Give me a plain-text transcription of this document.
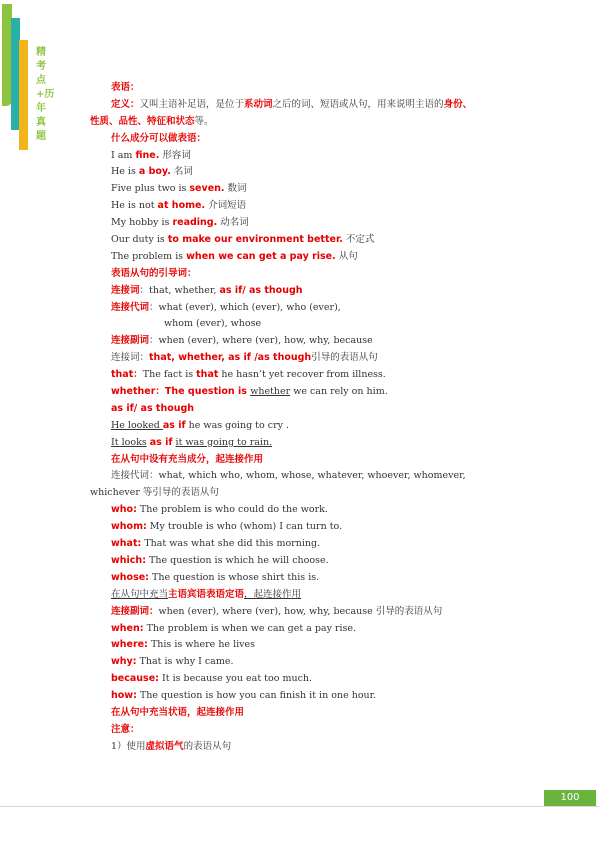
精考点+历年真题
表语：
定义：又叫主语补足语，是位于系动词之后的词、短语或从句，用来说明主语的身份、
性质、品性、特征和状态等。
什么成分可以做表语：
I am fine. 形容词
He is a boy. 名词
Five plus two is seven. 数词
He is not at home. 介词短语
My hobby is reading. 动名词
Our duty is to make our environment better. 不定式
The problem is when we can get a pay rise. 从句
表语从句的引导词：
连接词：that, whether, as if/ as though
连接代词：what (ever), which (ever), who (ever),
whom (ever), whose
连接副词：when (ever), where (ver), how, why, because
连接词：that, whether, as if /as though引导的表语从句
that：The fact is that he hasn’t yet recover from illness.
whether：The question is whether we can rely on him.
as if/ as though
He looked as if he was going to cry .
It looks as if it was going to rain.
在从句中设有充当成分，起连接作用
连接代词：what, which who, whom, whose, whatever, whoever, whomever,
whichever 等引导的表语从句
who: The problem is who could do the work.
whom: My trouble is who (whom) I can turn to.
what: That was what she did this morning.
which: The question is which he will choose.
whose: The question is whose shirt this is.
在从句中充当主语宾语表语定语，起连接作用
连接副词：when (ever), where (ver), how, why, because 引导的表语从句
when: The problem is when we can get a pay rise.
where: This is where he lives
why: That is why I came.
because: It is because you eat too much.
how: The question is how you can finish it in one hour.
在从句中充当状语，起连接作用
注意：
1）使用虚拟语气的表语从句
100
